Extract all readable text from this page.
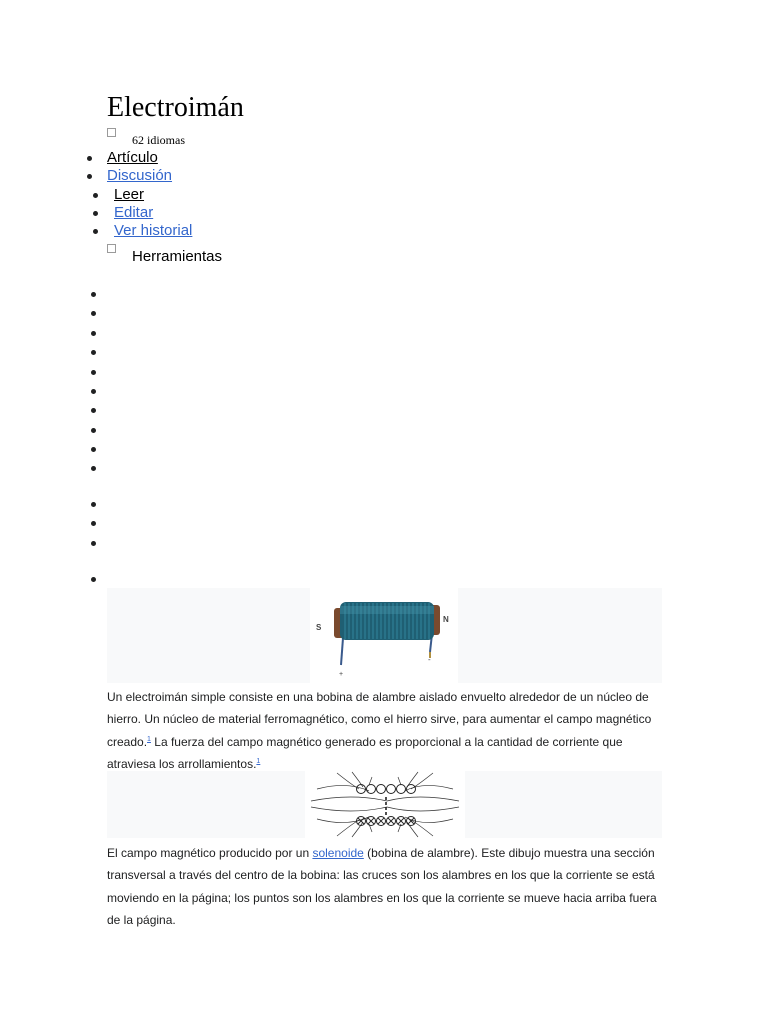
Electroimán
62 idiomas
Artículo
Discusión
Leer
Editar
Ver historial
Herramientas
S
N
+
-
Un electroimán simple consiste en una bobina de alambre aislado envuelto alrededor de un núcleo de hierro. Un núcleo de material ferromagnético, como el hierro sirve, para aumentar el campo magnético creado.$^1$ La fuerza del campo magnético generado es proporcional a la cantidad de corriente que atraviesa los arrollamientos.$^1$
El campo magnético producido por un solenoide (bobina de alambre). Este dibujo muestra una sección transversal a través del centro de la bobina: las cruces son los alambres en los que la corriente se está moviendo en la página; los puntos son los alambres en los que la corriente se mueve hacia arriba fuera de la página.
